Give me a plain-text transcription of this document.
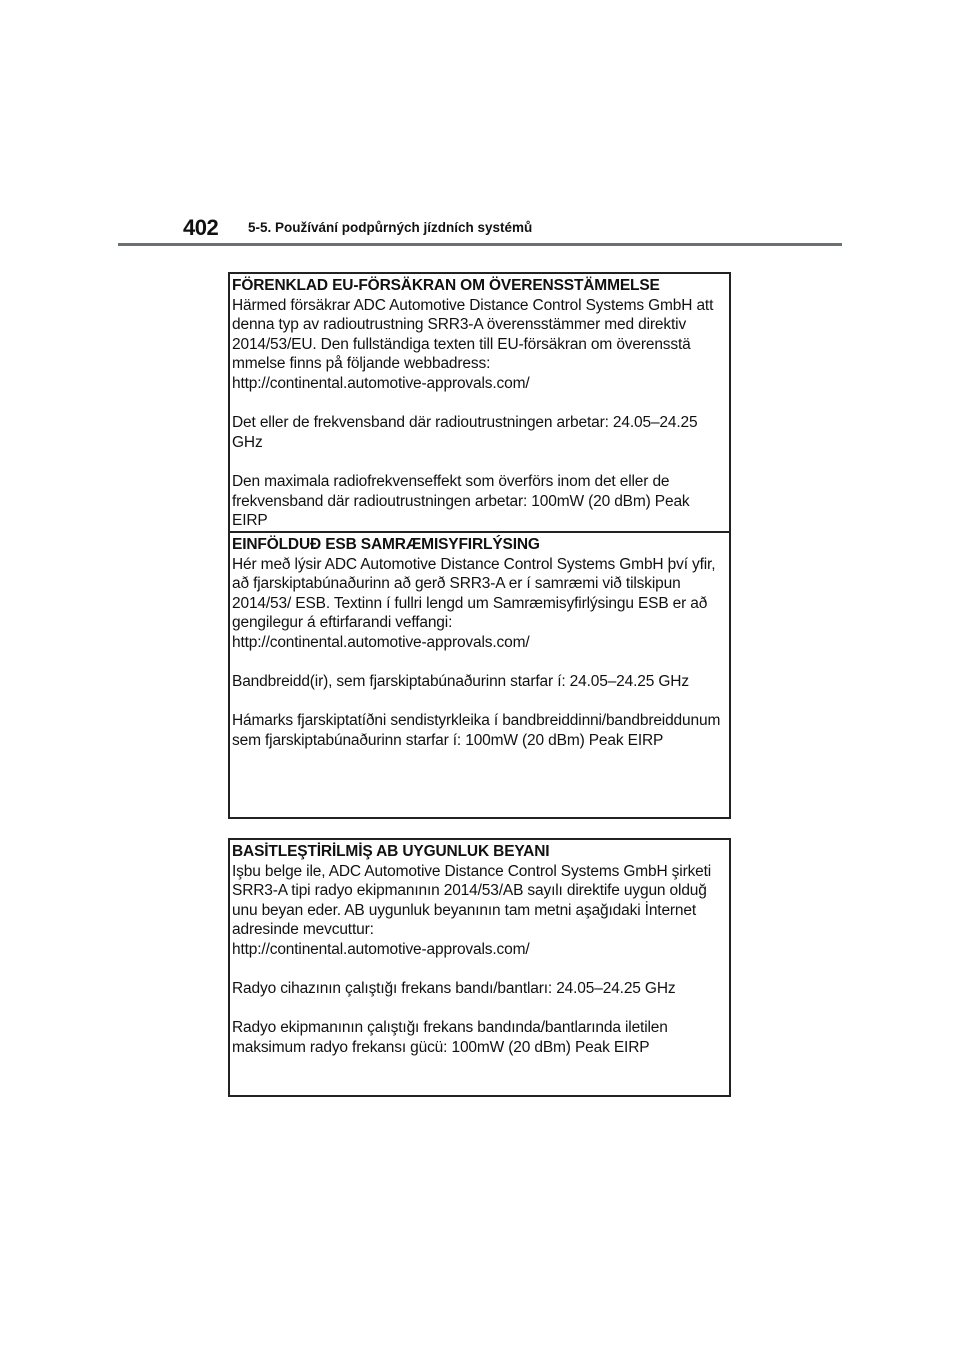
402 5-5. Používání podpůrných jízdních systémů
FÖRENKLAD EU-FÖRSÄKRAN OM ÖVERENSSTÄMMELSE
Härmed försäkrar ADC Automotive Distance Control Systems GmbH att
denna typ av radioutrustning SRR3-A överensstämmer med direktiv
2014/53/EU. Den fullständiga texten till EU-försäkran om överensstä
mmelse finns på följande webbadress:
http://continental.automotive-approvals.com/
Det eller de frekvensband där radioutrustningen arbetar: 24.05–24.25
GHz
Den maximala radiofrekvenseffekt som överförs inom det eller de
frekvensband där radioutrustningen arbetar: 100mW (20 dBm) Peak
EIRP
EINFÖLDUÐ ESB SAMRÆMISYFIRLÝSING
Hér með lýsir ADC Automotive Distance Control Systems GmbH því yfir,
að fjarskiptabúnaðurinn að gerð SRR3-A er í samræmi við tilskipun
2014/53/ ESB. Textinn í fullri lengd um Samræmisyfirlýsingu ESB er að
gengilegur á eftirfarandi veffangi:
http://continental.automotive-approvals.com/
Bandbreidd(ir), sem fjarskiptabúnaðurinn starfar í: 24.05–24.25 GHz
Hámarks fjarskiptatíðni sendistyrkleika í bandbreiddinni/bandbreiddunum
sem fjarskiptabúnaðurinn starfar í: 100mW (20 dBm) Peak EIRP
BASİTLEŞTİRİLMİŞ AB UYGUNLUK BEYANI
Işbu belge ile, ADC Automotive Distance Control Systems GmbH şirketi
SRR3-A tipi radyo ekipmanının 2014/53/AB sayılı direktife uygun olduğ
unu beyan eder. AB uygunluk beyanının tam metni aşağıdaki İnternet
adresinde mevcuttur:
http://continental.automotive-approvals.com/
Radyo cihazının çalıştığı frekans bandı/bantları: 24.05–24.25 GHz
Radyo ekipmanının çalıştığı frekans bandında/bantlarında iletilen
maksimum radyo frekansı gücü: 100mW (20 dBm) Peak EIRP
